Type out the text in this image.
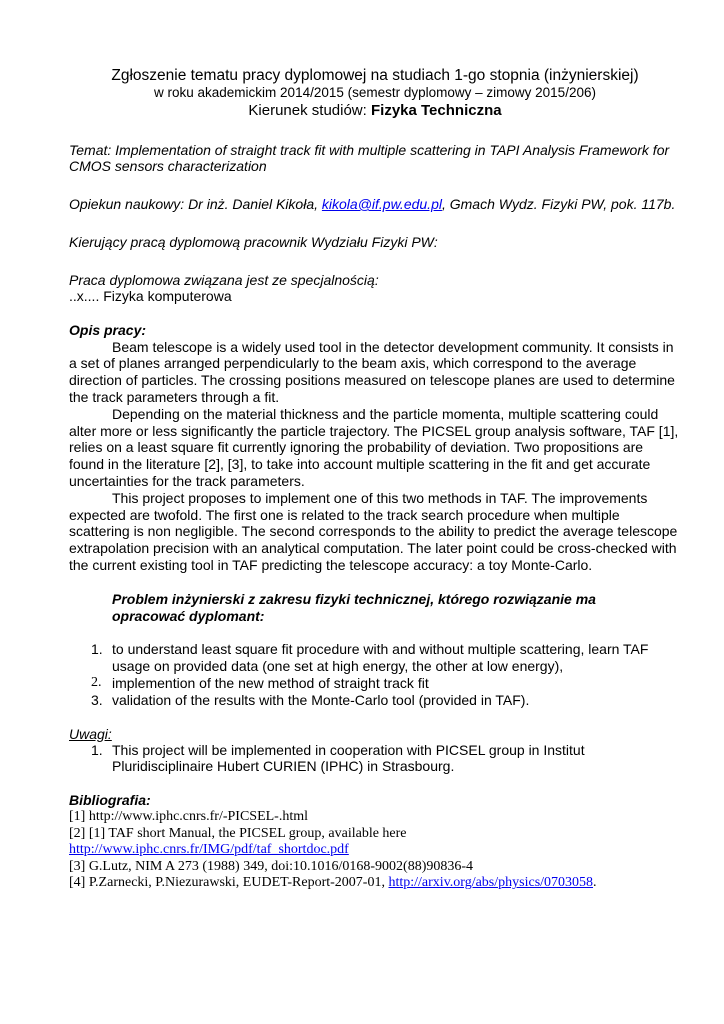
Zgłoszenie tematu pracy dyplomowej na studiach 1-go stopnia (inżynierskiej)
w roku akademickim 2014/2015 (semestr dyplomowy – zimowy 2015/206)
Kierunek studiów: Fizyka Techniczna

Temat: Implementation of straight track fit with multiple scattering in TAPI Analysis Framework for CMOS sensors characterization

Opiekun naukowy: Dr inż. Daniel Kikoła, kikola@if.pw.edu.pl, Gmach Wydz. Fizyki PW, pok. 117b.

Kierujący pracą dyplomową pracownik Wydziału Fizyki PW:

Praca dyplomowa związana jest ze specjalnością:

..x.... Fizyka komputerowa

Opis pracy:

Beam telescope is a widely used tool in the detector development community. It consists in a set of planes arranged perpendicularly to the beam axis, which correspond to the average direction of particles. The crossing positions measured on telescope planes are used to determine the track parameters through a fit.

Depending on the material thickness and the particle momenta, multiple scattering could alter more or less significantly the particle trajectory. The PICSEL group analysis software, TAF [1], relies on a least square fit currently ignoring the probability of deviation. Two propositions are found in the literature [2], [3], to take into account multiple scattering in the fit and get accurate uncertainties for the track parameters.

This project proposes to implement one of this two methods in TAF. The improvements expected are twofold. The first one is related to the track search procedure when multiple scattering is non negligible. The second corresponds to the ability to predict the average telescope extrapolation precision with an analytical computation. The later point could be cross-checked with the current existing tool in TAF predicting the telescope accuracy: a toy Monte-Carlo.

Problem inżynierski z zakresu fizyki technicznej, którego rozwiązanie ma opracować dyplomant:

1. to understand least square fit procedure with and without multiple scattering, learn TAF usage on provided data (one set at high energy, the other at low energy),
2. implemention of the new method of straight track fit
3. validation of the results with the Monte-Carlo tool (provided in TAF).

Uwagi:

1. This project will be implemented in cooperation with PICSEL group in Institut Pluridisciplinaire Hubert CURIEN (IPHC) in Strasbourg.

Bibliografia:

[1] http://www.iphc.cnrs.fr/-PICSEL-.html
[2] [1] TAF short Manual, the PICSEL group, available here
http://www.iphc.cnrs.fr/IMG/pdf/taf_shortdoc.pdf
[3] G.Lutz, NIM A 273 (1988) 349, doi:10.1016/0168-9002(88)90836-4
[4] P.Zarnecki, P.Niezurawski, EUDET-Report-2007-01, http://arxiv.org/abs/physics/0703058.
